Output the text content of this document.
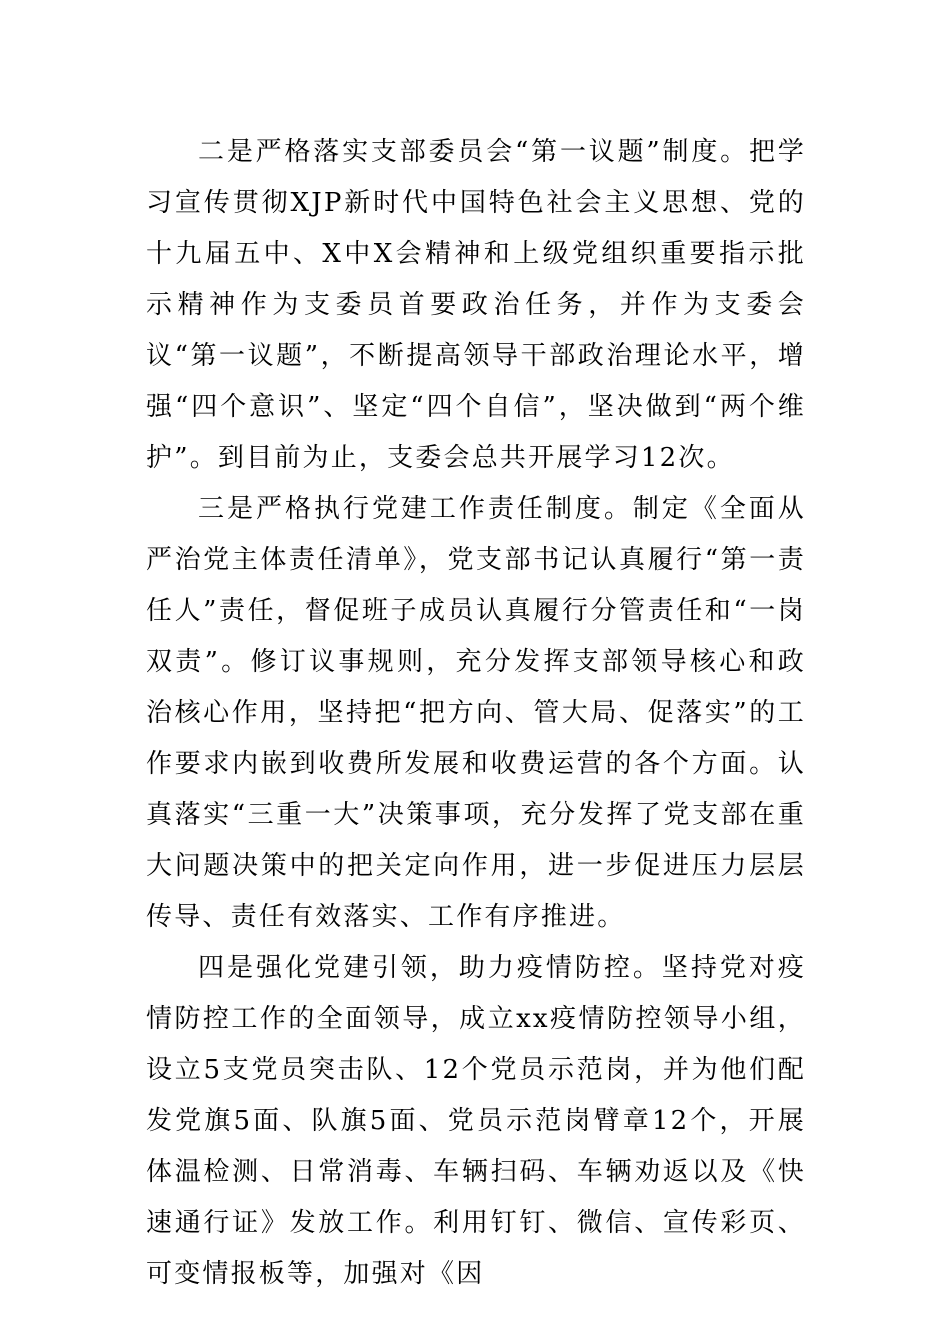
二是严格落实支部委员会“第一议题”制度。把学习宣传贯彻XJP新时代中国特色社会主义思想、党的十九届五中、X中X会精神和上级党组织重要指示批示精神作为支委员首要政治任务，并作为支委会议“第一议题”，不断提高领导干部政治理论水平，增强“四个意识”、坚定“四个自信”，坚决做到“两个维护”。到目前为止，支委会总共开展学习12次。

三是严格执行党建工作责任制度。制定《全面从严治党主体责任清单》，党支部书记认真履行“第一责任人”责任，督促班子成员认真履行分管责任和“一岗双责”。修订议事规则，充分发挥支部领导核心和政治核心作用，坚持把“把方向、管大局、促落实”的工作要求内嵌到收费所发展和收费运营的各个方面。认真落实“三重一大”决策事项，充分发挥了党支部在重大问题决策中的把关定向作用，进一步促进压力层层传导、责任有效落实、工作有序推进。

四是强化党建引领，助力疫情防控。坚持党对疫情防控工作的全面领导，成立xx疫情防控领导小组，设立5支党员突击队、12个党员示范岗，并为他们配发党旗5面、队旗5面、党员示范岗臂章12个，开展体温检测、日常消毒、车辆扫码、车辆劝返以及《快速通行证》发放工作。利用钉钉、微信、宣传彩页、可变情报板等，加强对《因
